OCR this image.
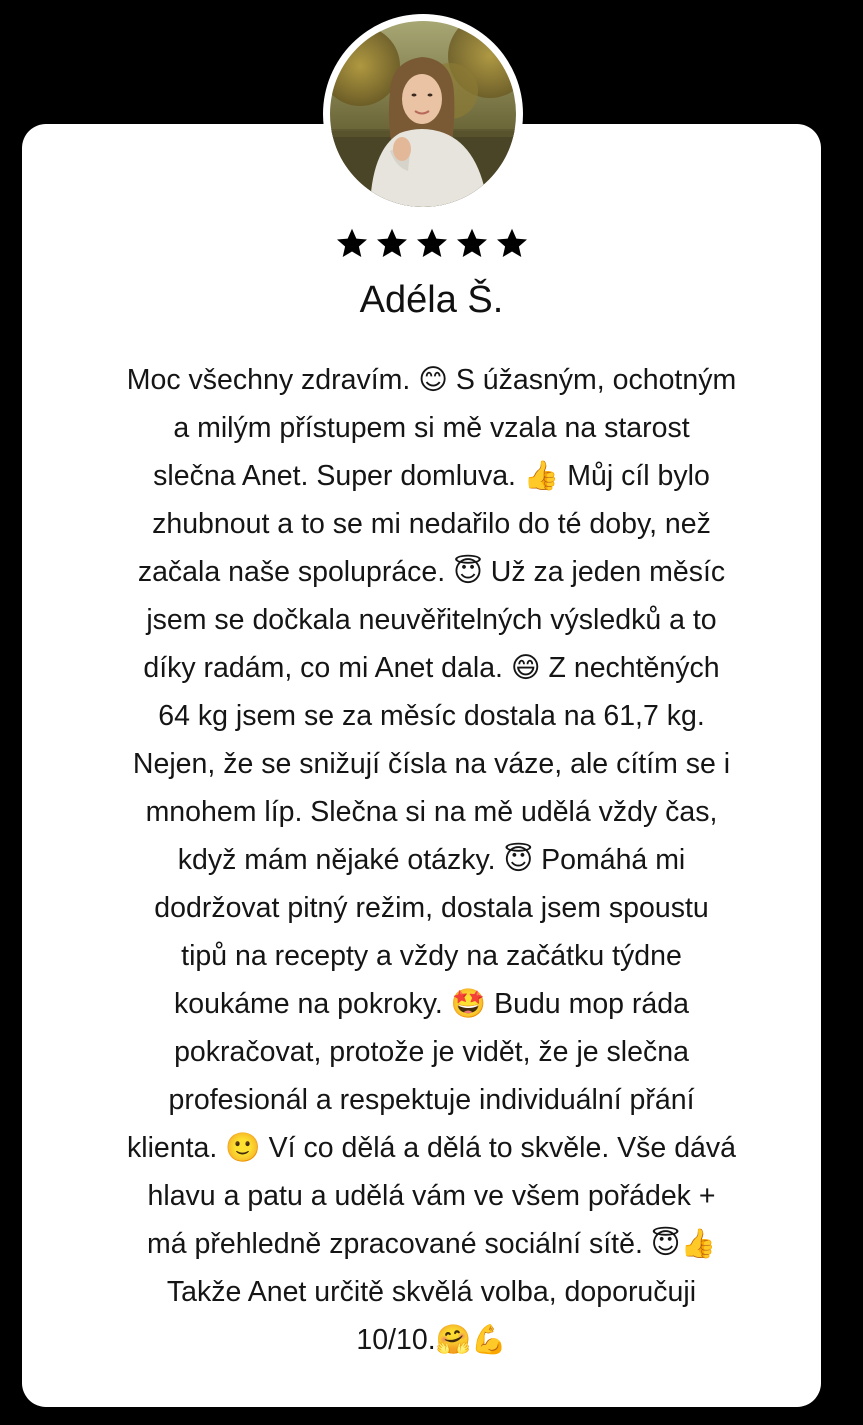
Adéla Š.

Moc všechny zdravím. 😊 S úžasným, ochotným
a milým přístupem si mě vzala na starost
slečna Anet. Super domluva. 👍 Můj cíl bylo
zhubnout a to se mi nedařilo do té doby, než
začala naše spolupráce. 😇 Už za jeden měsíc
jsem se dočkala neuvěřitelných výsledků a to
díky radám, co mi Anet dala. 😄 Z nechtěných
64 kg jsem se za měsíc dostala na 61,7 kg.
Nejen, že se snižují čísla na váze, ale cítím se i
mnohem líp. Slečna si na mě udělá vždy čas,
když mám nějaké otázky. 😇 Pomáhá mi
dodržovat pitný režim, dostala jsem spoustu
tipů na recepty a vždy na začátku týdne
koukáme na pokroky. 🤩 Budu mop ráda
pokračovat, protože je vidět, že je slečna
profesionál a respektuje individuální přání
klienta. 🙂 Ví co dělá a dělá to skvěle. Vše dává
hlavu a patu a udělá vám ve všem pořádek +
má přehledně zpracované sociální sítě. 😇👍
Takže Anet určitě skvělá volba, doporučuji
10/10.🤗💪
